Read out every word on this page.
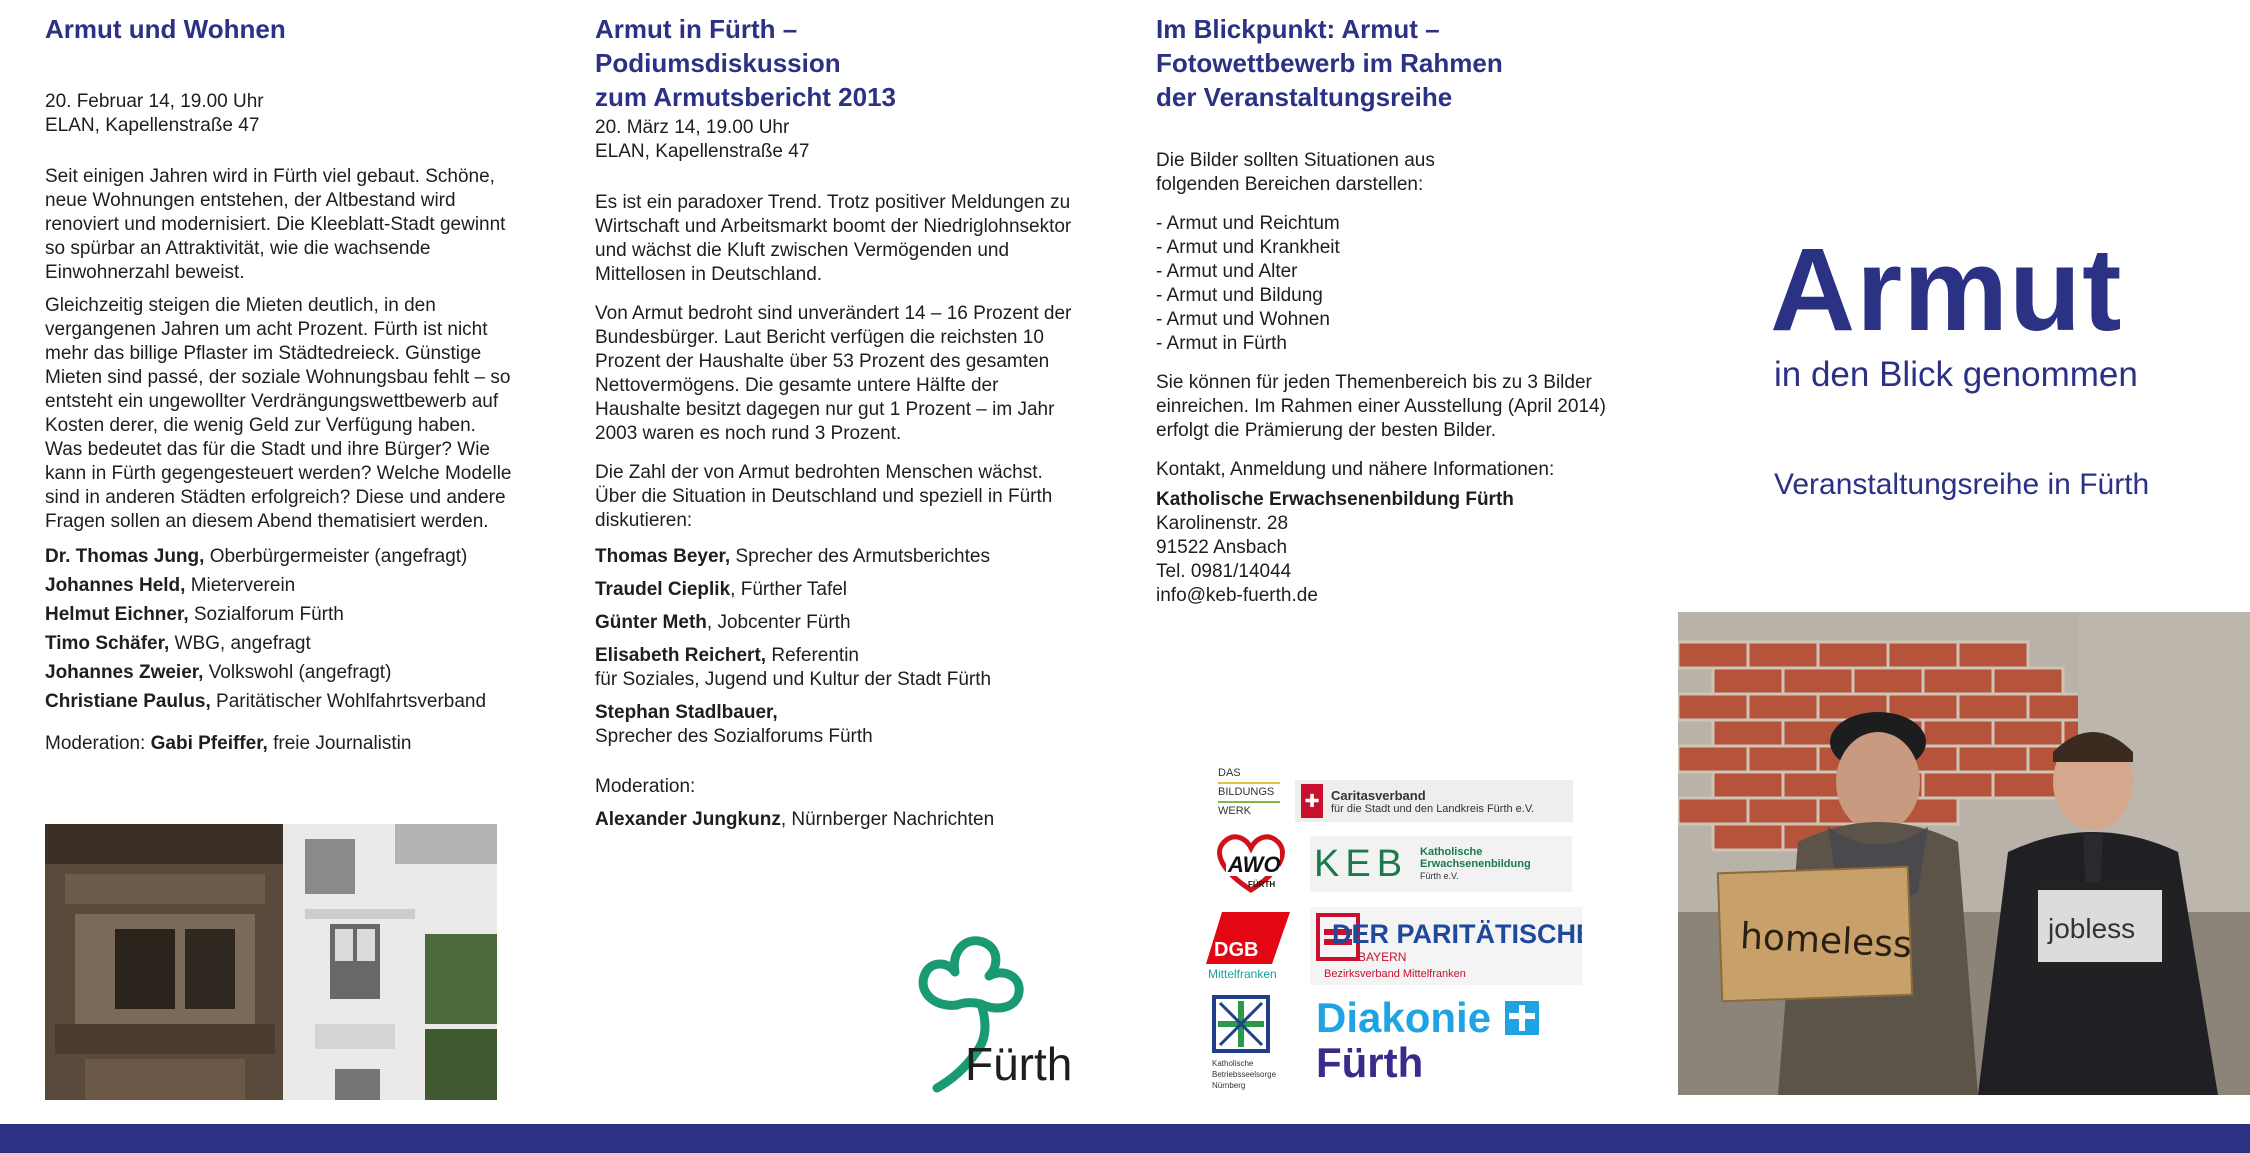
Armut und Wohnen

20. Februar 14, 19.00 Uhr

ELAN, Kapellenstraße 47

Seit einigen Jahren wird in Fürth viel gebaut. Schöne, neue Wohnungen entstehen, der Altbestand wird renoviert und modernisiert. Die Kleeblatt-Stadt gewinnt so spürbar an Attraktivität, wie die wachsende Einwohnerzahl beweist.

Gleichzeitig steigen die Mieten deutlich, in den vergangenen Jahren um acht Prozent. Fürth ist nicht mehr das billige Pflaster im Städtedreieck. Günstige Mieten sind passé, der soziale Wohnungsbau fehlt – so entsteht ein ungewollter Verdrängungswettbewerb auf Kosten derer, die wenig Geld zur Verfügung haben. Was bedeutet das für die Stadt und ihre Bürger? Wie kann in Fürth gegengesteuert werden? Welche Modelle sind in anderen Städten erfolgreich? Diese und andere Fragen sollen an diesem Abend thematisiert werden.

Dr. Thomas Jung, Oberbürgermeister (angefragt)

Johannes Held, Mieterverein

Helmut Eichner, Sozialforum Fürth

Timo Schäfer, WBG, angefragt

Johannes Zweier, Volkswohl (angefragt)

Christiane Paulus, Paritätischer Wohlfahrtsverband

Moderation: Gabi Pfeiffer, freie Journalistin

Armut in Fürth –
Podiumsdiskussion
zum Armutsbericht 2013

20. März 14, 19.00 Uhr

ELAN, Kapellenstraße 47

Es ist ein paradoxer Trend. Trotz positiver Meldungen zu Wirtschaft und Arbeitsmarkt boomt der Niedriglohnsektor und wächst die Kluft zwischen Vermögenden und Mittellosen in Deutschland.

Von Armut bedroht sind unverändert 14 – 16 Prozent der Bundesbürger. Laut Bericht verfügen die reichsten 10 Prozent der Haushalte über 53 Prozent des gesamten Nettovermögens. Die gesamte untere Hälfte der Haushalte besitzt dagegen nur gut 1 Prozent – im Jahr 2003 waren es noch rund 3 Prozent.

Die Zahl der von Armut bedrohten Menschen wächst. Über die Situation in Deutschland und speziell in Fürth diskutieren:

Thomas Beyer, Sprecher des Armutsberichtes

Traudel Cieplik, Fürther Tafel

Günter Meth, Jobcenter Fürth

Elisabeth Reichert, Referentin
für Soziales, Jugend und Kultur der Stadt Fürth

Stephan Stadlbauer,
Sprecher des Sozialforums Fürth

Moderation:

Alexander Jungkunz, Nürnberger Nachrichten

Fürth
Im Blickpunkt: Armut –
Fotowettbewerb im Rahmen
der Veranstaltungsreihe

Die Bilder sollten Situationen aus folgenden Bereichen darstellen:

- Armut und Reichtum
- Armut und Krankheit
- Armut und Alter
- Armut und Bildung
- Armut und Wohnen
- Armut in Fürth

Sie können für jeden Themenbereich bis zu 3 Bilder einreichen. Im Rahmen einer Ausstellung (April 2014) erfolgt die Prämierung der besten Bilder.

Kontakt, Anmeldung und nähere Informationen:

Katholische Erwachsenenbildung Fürth

Karolinenstr. 28

91522 Ansbach

Tel. 0981/14044

info@keb-fuerth.de

DAS
BILDUNGS
WERK
✚ Caritasverband
für die Stadt und den Landkreis Fürth e.V.
AWO
FÜRTH KEB Katholische
Erwachsenenbildung
Fürth e.V.
DGB
Mittelfranken
DER PARITÄTISCHE
BAYERN
Bezirksverband Mittelfranken
Katholische
Betriebsseelsorge
Nürnberg
Diakonie
Fürth
Armut
in den Blick genommen
Veranstaltungsreihe in Fürth
homeless	jobless
